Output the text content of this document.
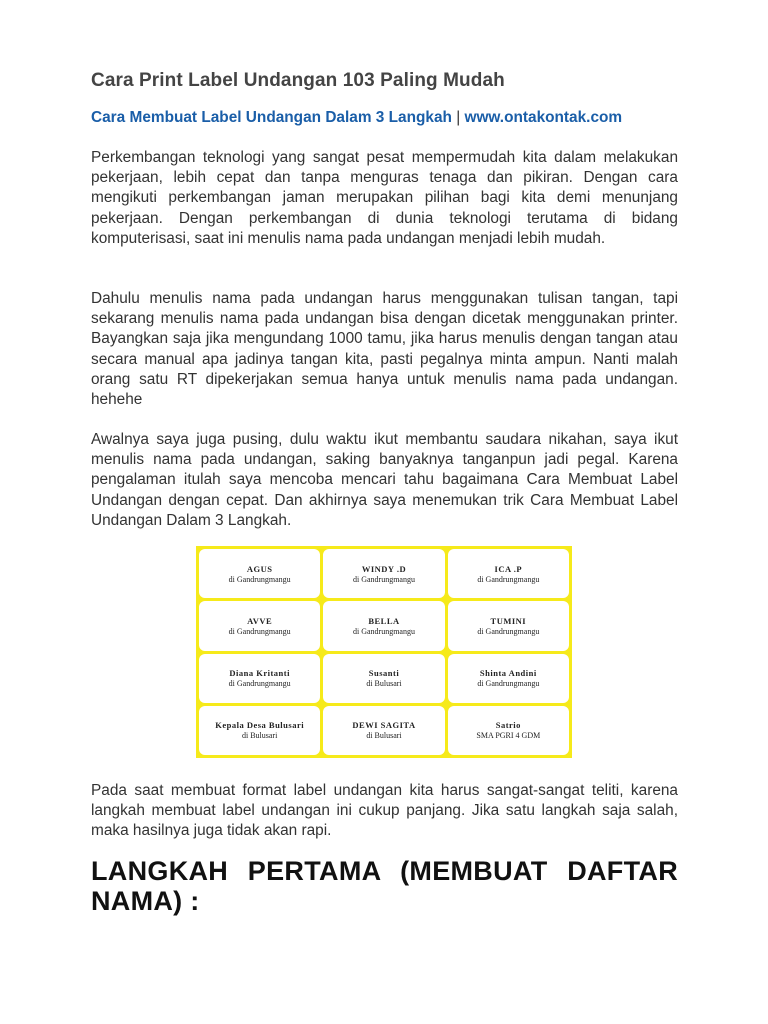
Cara Print Label Undangan 103 Paling Mudah

Cara Membuat Label Undangan Dalam 3 Langkah | www.ontakontak.com

Perkembangan teknologi yang sangat pesat mempermudah kita dalam melakukan pekerjaan, lebih cepat dan tanpa menguras tenaga dan pikiran. Dengan cara mengikuti perkembangan jaman merupakan pilihan bagi kita demi menunjang pekerjaan. Dengan perkembangan di dunia teknologi terutama di bidang komputerisasi, saat ini menulis nama pada undangan menjadi lebih mudah.

Dahulu menulis nama pada undangan harus menggunakan tulisan tangan, tapi sekarang menulis nama pada undangan bisa dengan dicetak menggunakan printer. Bayangkan saja jika mengundang 1000 tamu, jika harus menulis dengan tangan atau secara manual apa jadinya tangan kita, pasti pegalnya minta ampun. Nanti malah orang satu RT dipekerjakan semua hanya untuk menulis nama pada undangan. hehehe

Awalnya saya juga pusing, dulu waktu ikut membantu saudara nikahan, saya ikut menulis nama pada undangan, saking banyaknya tanganpun jadi pegal. Karena pengalaman itulah saya mencoba mencari tahu bagaimana Cara Membuat Label Undangan dengan cepat. Dan akhirnya saya menemukan trik Cara Membuat Label Undangan Dalam 3 Langkah.

AGUS
di Gandrungmangu
WINDY .D
di Gandrungmangu
ICA .P
di Gandrungmangu
AVVE
di Gandrungmangu
BELLA
di Gandrungmangu
TUMINI
di Gandrungmangu
Diana Kritanti
di Gandrungmangu
Susanti
di Bulusari
Shinta Andini
di Gandrungmangu
Kepala Desa Bulusari
di Bulusari
DEWI SAGITA
di Bulusari
Satrio
SMA PGRI 4 GDM

Pada saat membuat format label undangan kita harus sangat-sangat teliti, karena langkah membuat label undangan ini cukup panjang. Jika satu langkah saja salah, maka hasilnya juga tidak akan rapi.

LANGKAH PERTAMA (MEMBUAT DAFTAR NAMA) :
